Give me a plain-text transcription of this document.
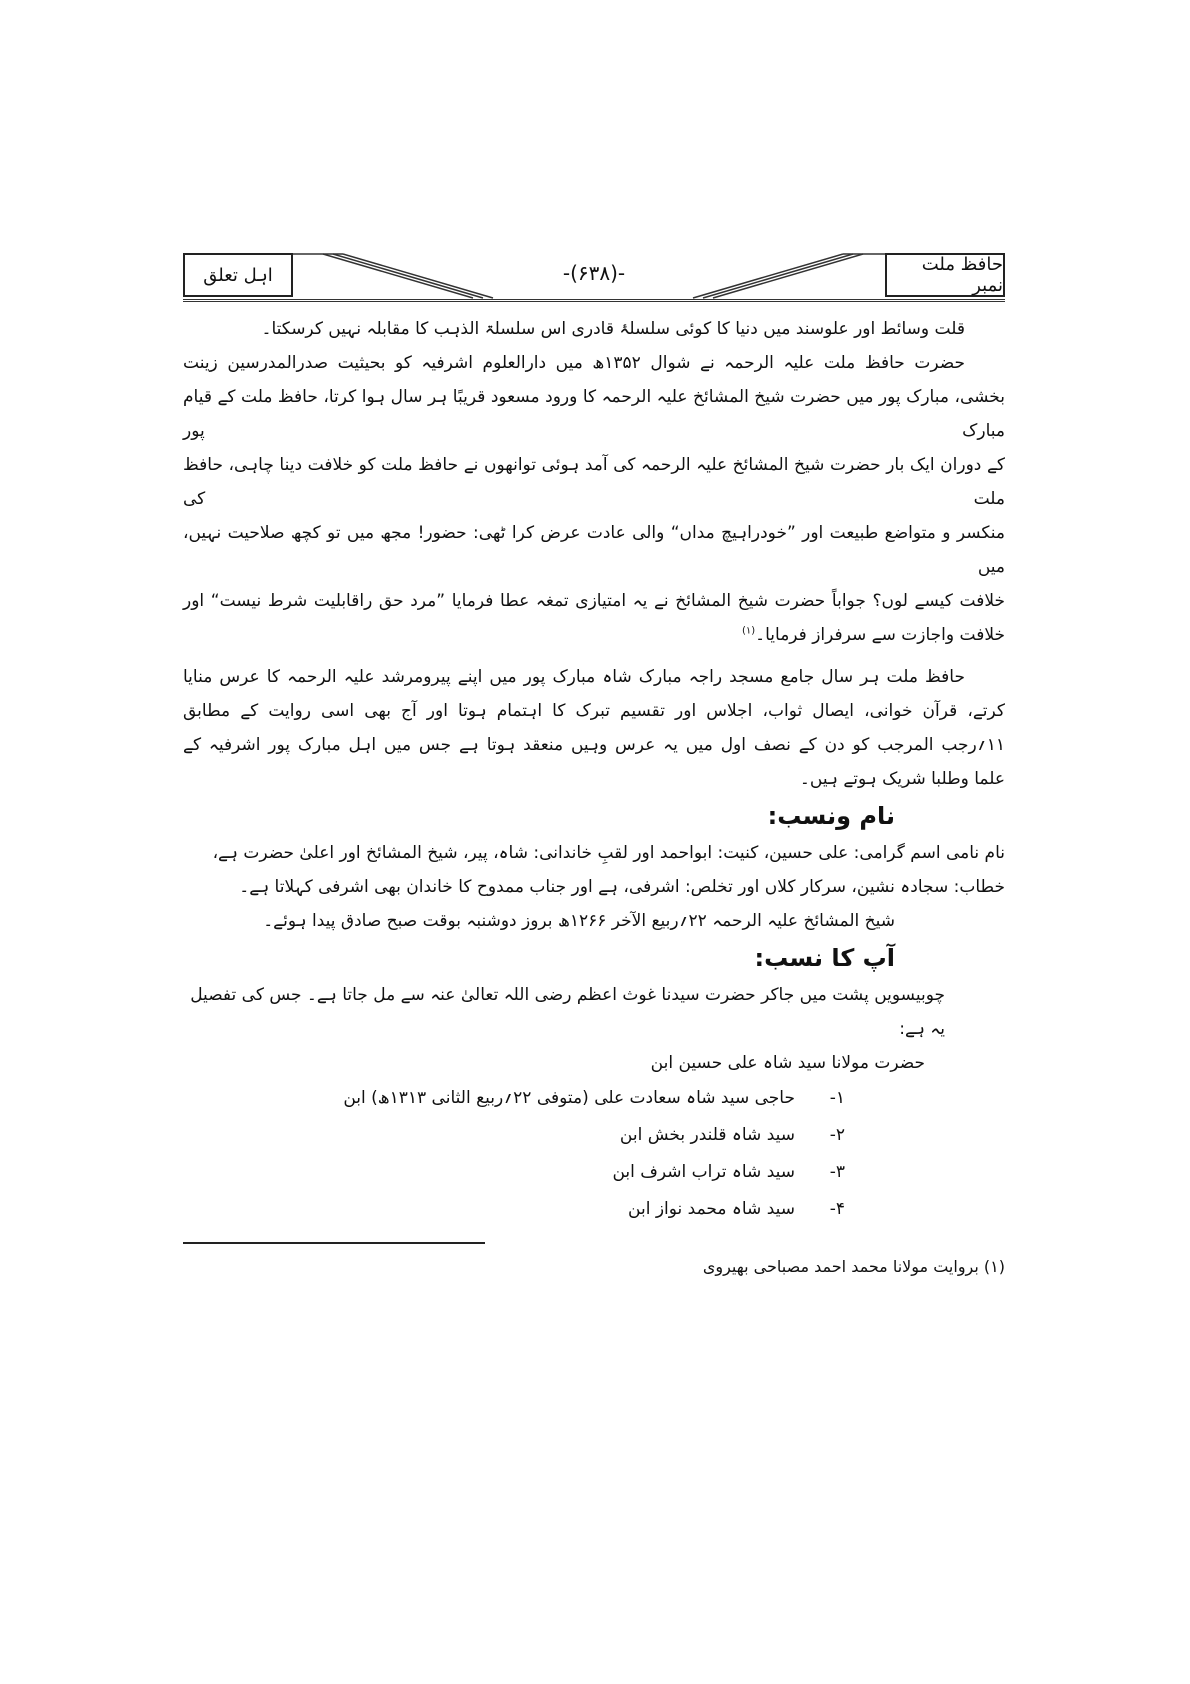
اہل تعلق	-(۶۳۸)-	حافظ ملت نمبر
قلت وسائط اور علوسند میں دنیا کا کوئی سلسلۂ قادری اس سلسلۃ الذہب کا مقابلہ نہیں کرسکتا۔
حضرت حافظ ملت علیہ الرحمہ نے شوال ۱۳۵۲ھ میں دارالعلوم اشرفیہ کو بحیثیت صدرالمدرسین زینت
بخشی، مبارک پور میں حضرت شیخ المشائخ علیہ الرحمہ کا ورود مسعود قریبًا ہر سال ہوا کرتا، حافظ ملت کے قیام مبارک پور
کے دوران ایک بار حضرت شیخ المشائخ علیہ الرحمہ کی آمد ہوئی توانھوں نے حافظ ملت کو خلافت دینا چاہی، حافظ ملت کی
منکسر و متواضع طبیعت اور ”خودراہیچ مداں“ والی عادت عرض کرا ٹھی: حضور! مجھ میں تو کچھ صلاحیت نہیں، میں
خلافت کیسے لوں؟ جواباً حضرت شیخ المشائخ نے یہ امتیازی تمغہ عطا فرمایا ”مرد حق راقابلیت شرط نیست“ اور
خلافت واجازت سے سرفراز فرمایا۔$^{(۱)}$
حافظ ملت ہر سال جامع مسجد راجہ مبارک شاہ مبارک پور میں اپنے پیرومرشد علیہ الرحمہ کا عرس منایا
کرتے، قرآن خوانی، ایصال ثواب، اجلاس اور تقسیم تبرک کا اہتمام ہوتا اور آج بھی اسی روایت کے مطابق
۱۱؍رجب المرجب کو دن کے نصف اول میں یہ عرس وہیں منعقد ہوتا ہے جس میں اہل مبارک پور اشرفیہ کے
علما وطلبا شریک ہوتے ہیں۔
نام ونسب:
نام نامی اسم گرامی: علی حسین، کنیت: ابواحمد اور لقبِ خاندانی: شاہ، پیر، شیخ المشائخ اور اعلیٰ حضرت ہے،
خطاب: سجادہ نشین، سرکار کلاں اور تخلص: اشرفی، ہے اور جناب ممدوح کا خاندان بھی اشرفی کہلاتا ہے۔
شیخ المشائخ علیہ الرحمہ ۲۲؍ربیع الآخر ۱۲۶۶ھ بروز دوشنبہ بوقت صبح صادق پیدا ہوئے۔
آپ کا نسب:
چوبیسویں پشت میں جاکر حضرت سیدنا غوث اعظم رضی اللہ تعالیٰ عنہ سے مل جاتا ہے۔ جس کی تفصیل یہ ہے:
حضرت مولانا سید شاہ علی حسین ابن
۱-حاجی سید شاہ سعادت علی (متوفی ۲۲؍ربیع الثانی ۱۳۱۳ھ) ابن
۲-سید شاہ قلندر بخش ابن
۳-سید شاہ تراب اشرف ابن
۴-سید شاہ محمد نواز ابن
(۱) بروایت مولانا محمد احمد مصباحی بھیروی
